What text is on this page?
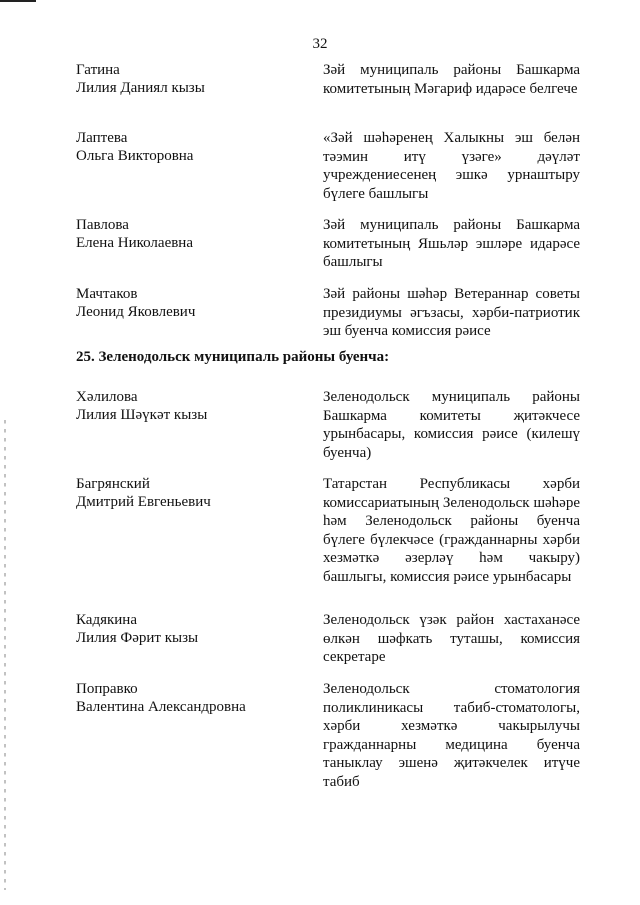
32
Гатина
Лилия Даниял кызы
Зәй муниципаль районы Башкарма комитетының Мәгариф идарәсе белгече
Лаптева
Ольга Викторовна
«Зәй шәһәренең Халыкны эш белән тәэмин итү үзәге» дәүләт учреждениесенең эшкә урнаштыру бүлеге башлыгы
Павлова
Елена Николаевна
Зәй муниципаль районы Башкарма комитетының Яшьләр эшләре идарәсе башлыгы
Мачтаков
Леонид Яковлевич
Зәй районы шәһәр Ветераннар советы президиумы әгъзасы, хәрби-патриотик эш буенча комиссия рәисе
25. Зеленодольск муниципаль районы буенча:
Хәлилова
Лилия Шәүкәт кызы
Зеленодольск муниципаль районы Башкарма комитеты җитәкчесе урынбасары, комиссия рәисе (килешү буенча)
Багрянский
Дмитрий Евгеньевич
Татарстан Республикасы хәрби комиссариатының Зеленодольск шәһәре һәм Зеленодольск районы буенча бүлеге бүлекчәсе (гражданнарны хәрби хезмәткә әзерләү һәм чакыру) башлыгы, комиссия рәисе урынбасары
Кадякина
Лилия Фәрит кызы
Зеленодольск үзәк район хастаханәсе өлкән шәфкать туташы, комиссия секретаре
Поправко
Валентина Александровна
Зеленодольск стоматология поликлиникасы табиб-стоматологы, хәрби хезмәткә чакырылучы гражданнарны медицина буенча таныклау эшенә җитәкчелек итүче табиб
